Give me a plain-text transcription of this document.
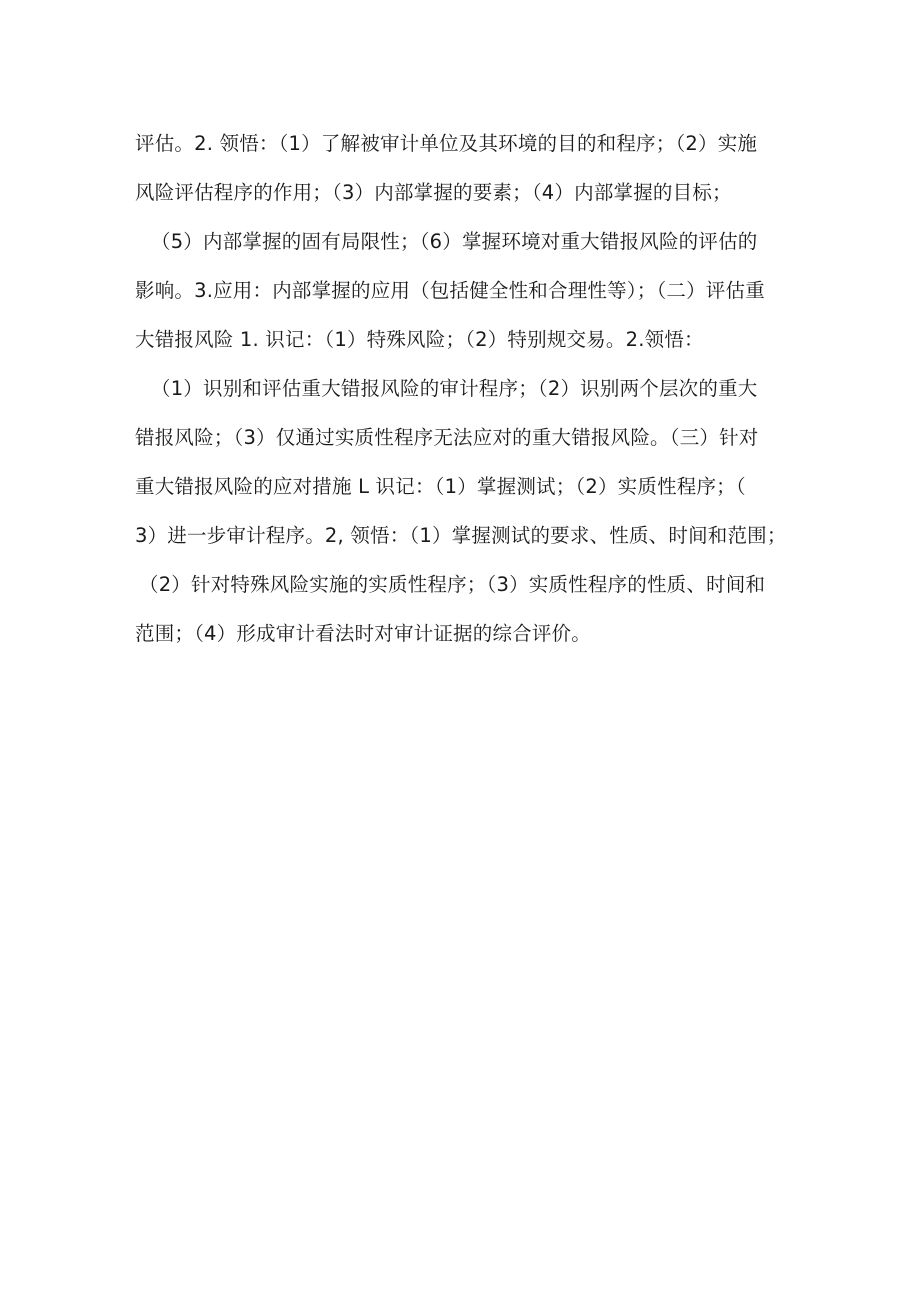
评估。2. 领悟：（1）了解被审计单位及其环境的目的和程序；（2）实施
风险评估程序的作用；（3）内部掌握的要素；（4）内部掌握的目标；
（5）内部掌握的固有局限性；（6）掌握环境对重大错报风险的评估的
影响。3.应用：内部掌握的应用（包括健全性和合理性等）；（二）评估重
大错报风险 1. 识记：（1）特殊风险；（2）特别规交易。2.领悟：
（1）识别和评估重大错报风险的审计程序；（2）识别两个层次的重大
错报风险；（3）仅通过实质性程序无法应对的重大错报风险。（三）针对
重大错报风险的应对措施 L 识记：（1）掌握测试；（2）实质性程序；（
3）进一步审计程序。2, 领悟：（1）掌握测试的要求、性质、时间和范围；
（2）针对特殊风险实施的实质性程序；（3）实质性程序的性质、时间和
范围；（4）形成审计看法时对审计证据的综合评价。
